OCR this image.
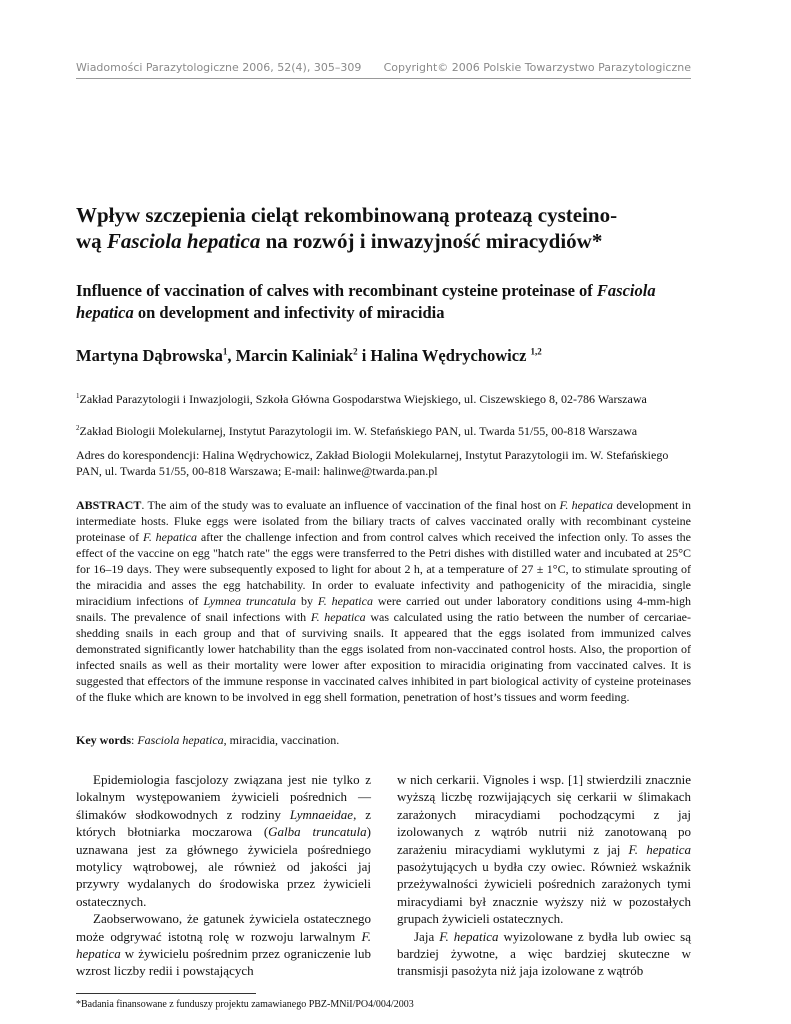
Wiadomości Parazytologiczne 2006, 52(4), 305–309 Copyright© 2006 Polskie Towarzystwo Parazytologiczne
Wpływ szczepienia cieląt rekombinowaną proteazą cysteino-
wą Fasciola hepatica na rozwój i inwazyjność miracydiów*
Influence of vaccination of calves with recombinant cysteine proteinase of Fasciola hepatica on development and infectivity of miracidia
Martyna Dąbrowska$^1$, Marcin Kaliniak$^2$ i Halina Wędrychowicz $^{1,2}$
$^1$Zakład Parazytologii i Inwazjologii, Szkoła Główna Gospodarstwa Wiejskiego, ul. Ciszewskiego 8, 02-786 Warszawa
$^2$Zakład Biologii Molekularnej, Instytut Parazytologii im. W. Stefańskiego PAN, ul. Twarda 51/55, 00-818 Warszawa
Adres do korespondencji: Halina Wędrychowicz, Zakład Biologii Molekularnej, Instytut Parazytologii im. W. Stefańskiego PAN, ul. Twarda 51/55, 00-818 Warszawa; E-mail: halinwe@twarda.pan.pl
ABSTRACT. The aim of the study was to evaluate an influence of vaccination of the final host on F. hepatica development in intermediate hosts. Fluke eggs were isolated from the biliary tracts of calves vaccinated orally with recombinant cysteine proteinase of F. hepatica after the challenge infection and from control calves which received the infection only. To asses the effect of the vaccine on egg "hatch rate" the eggs were transferred to the Petri dishes with distilled water and incubated at 25°C for 16–19 days. They were subsequently exposed to light for about 2 h, at a temperature of 27 ± 1°C, to stimulate sprouting of the miracidia and asses the egg hatchability. In order to evaluate infectivity and pathogenicity of the miracidia, single miracidium infections of Lymnea truncatula by F. hepatica were carried out under laboratory conditions using 4-mm-high snails. The prevalence of snail infections with F. hepatica was calculated using the ratio between the number of cercariae-shedding snails in each group and that of surviving snails. It appeared that the eggs isolated from immunized calves demonstrated significantly lower hatchability than the eggs isolated from non-vaccinated control hosts. Also, the proportion of infected snails as well as their mortality were lower after exposition to miracidia originating from vaccinated calves. It is suggested that effectors of the immune response in vaccinated calves inhibited in part biological activity of cysteine proteinases of the fluke which are known to be involved in egg shell formation, penetration of host’s tissues and worm feeding.
Key words: Fasciola hepatica, miracidia, vaccination.

Epidemiologia fascjolozy związana jest nie tylko z lokalnym występowaniem żywicieli pośrednich — ślimaków słodkowodnych z rodziny Lymnaeidae, z których błotniarka moczarowa (Galba truncatula) uznawana jest za głównego żywiciela pośredniego motylicy wątrobowej, ale również od jakości jaj przywry wydalanych do środowiska przez żywicieli ostatecznych.

Zaobserwowano, że gatunek żywiciela ostatecznego może odgrywać istotną rolę w rozwoju larwalnym F. hepatica w żywicielu pośrednim przez ograniczenie lub wzrost liczby redii i powstających

w nich cerkarii. Vignoles i wsp. [1] stwierdzili znacznie wyższą liczbę rozwijających się cerkarii w ślimakach zarażonych miracydiami pochodzącymi z jaj izolowanych z wątrób nutrii niż zanotowaną po zarażeniu miracydiami wyklutymi z jaj F. hepatica pasożytujących u bydła czy owiec. Również wskaźnik przeżywalności żywicieli pośrednich zarażonych tymi miracydiami był znacznie wyższy niż w pozostałych grupach żywicieli ostatecznych.

Jaja F. hepatica wyizolowane z bydła lub owiec są bardziej żywotne, a więc bardziej skuteczne w transmisji pasożyta niż jaja izolowane z wątrób

*Badania finansowane z funduszy projektu zamawianego PBZ-MNiI/PO4/004/2003
